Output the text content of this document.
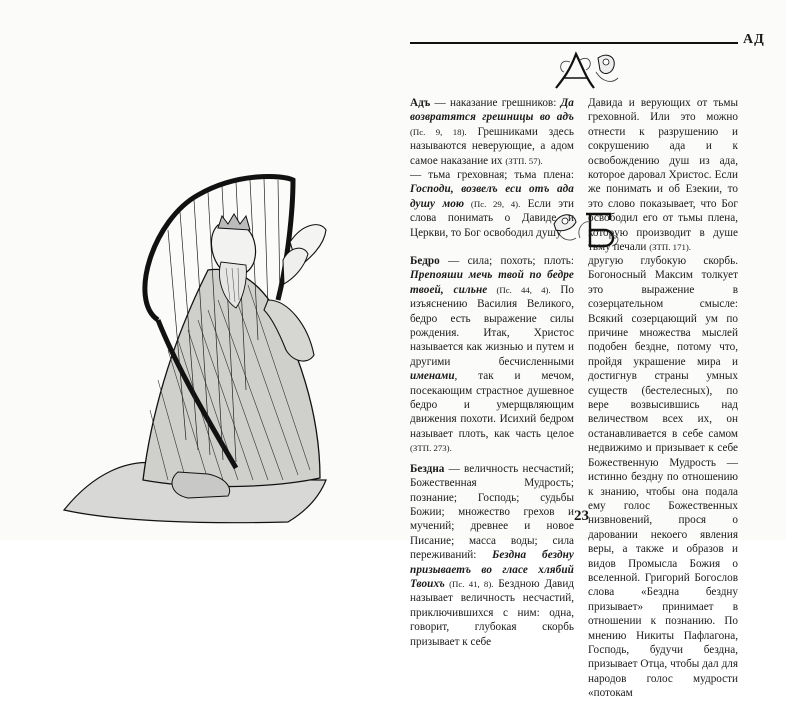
АД

Адъ — наказание грешников: Да возвратятся грешницы во адъ (Пс. 9, 18). Грешниками здесь называются неверующие, а адом самое наказание их (ЗТП. 57).

— тьма греховная; тьма плена: Господи, возвелъ еси отъ ада душу мою (Пс. 29, 4). Если эти слова понимать о Давиде и Церкви, то Бог освободил душу

Давида и верующих от тьмы греховной. Или это можно отнести к разрушению и сокрушению ада и к освобождению душ из ада, которое даровал Христос. Если же понимать и об Езекии, то это слово показывает, что Бог освободил его от тьмы плена, которую производит в душе тьму печали (ЗТП. 171).

Бедро — сила; похоть; плоть: Препояши мечь твой по бедре твоей, сильне (Пс. 44, 4). По изъяснению Василия Великого, бедро есть выражение силы рождения. Итак, Христос называется как жизнью и путем и другими бесчисленными именами, так и мечом, посекающим страстное душевное бедро и умерщвляющим движения похоти. Исихий бедром называет плоть, как часть целое (ЗТП. 273).

Бездна — величность несчастий; Божественная Мудрость; познание; Господь; судьбы Божии; множество грехов и мучений; древнее и новое Писание; масса воды; сила переживаний: Бездна бездну призываетъ во гласе хлябий Твоихъ (Пс. 41, 8). Бездною Давид называет величность несчастий, приключившихся с ним: одна, говорит, глубокая скорбь призывает к себе

другую глубокую скорбь. Богоносный Максим толкует это выражение в созерцательном смысле: Всякий созерцающий ум по причине множества мыслей подобен бездне, потому что, пройдя украшение мира и достигнув страны умных существ (бестелесных), по вере возвысившись над величеством всех их, он останавливается в себе самом недвижимо и призывает к себе Божественную Мудрость — истинно бездну по отношению к знанию, чтобы она подала ему голос Божественных низвновений, прося о даровании некоего явления веры, а также и образов и видов Промысла Божия о вселенной. Григорий Богослов слова «Бездна бездну призывает» принимает в отношении к познанию. По мнению Никиты Пафлагона, Господь, будучи бездна, призывает Отца, чтобы дал для народов голос мудрости «потокам

23
